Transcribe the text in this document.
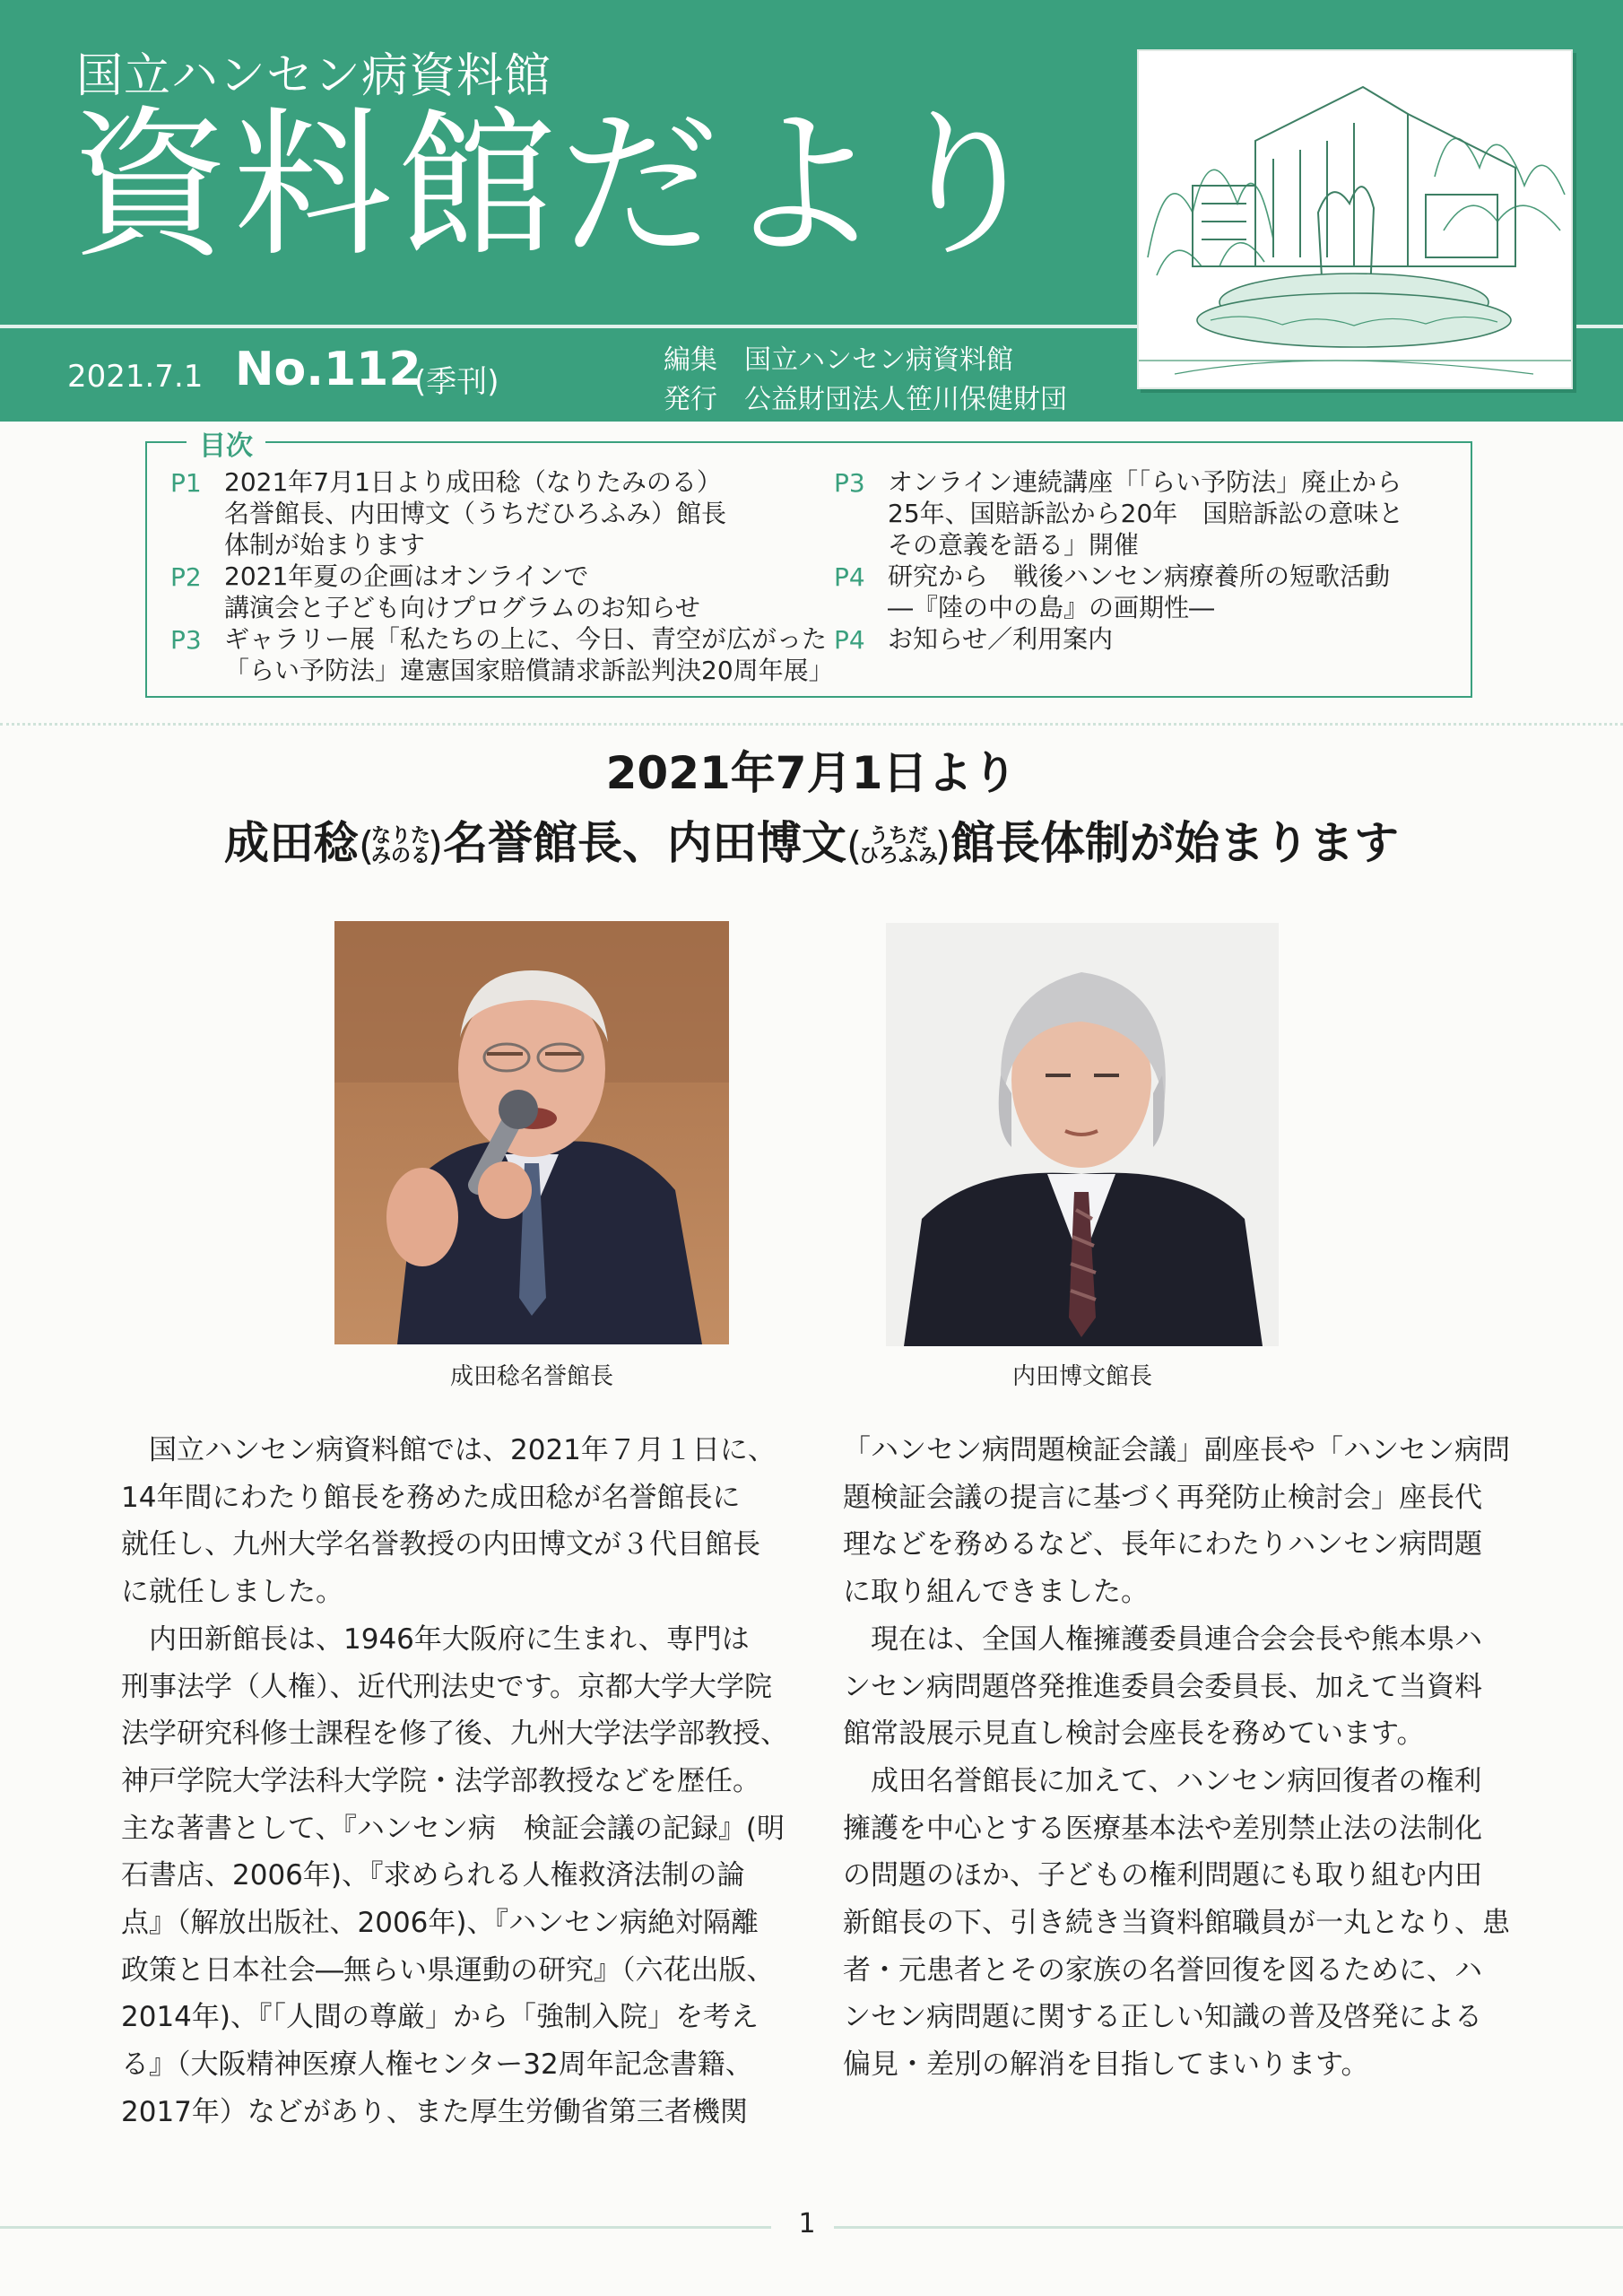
国立ハンセン病資料館
資料館だより
2021.7.1 No.112
(季刊)
編集 国立ハンセン病資料館
発行 公益財団法人笹川保健財団
目次
P1 2021年7月1日より成田稔（なりたみのる）
名誉館長、内田博文（うちだひろふみ）館長
体制が始まります
P2 2021年夏の企画はオンラインで
講演会と子ども向けプログラムのお知らせ
P3 ギャラリー展「私たちの上に、今日、青空が広がった
「らい予防法」違憲国家賠償請求訴訟判決20周年展」
P3 オンライン連続講座「「らい予防法」廃止から
25年、国賠訴訟から20年　国賠訴訟の意味と
その意義を語る」開催
P4 研究から　戦後ハンセン病療養所の短歌活動
―『陸の中の島』の画期性―
P4 お知らせ／利用案内
2021年7月1日より
成田稔 ( なりた
みのる ) 名誉館長、内田博文 ( うちだ
ひろふみ ) 館長体制が始まります
成田稔名誉館長	内田博文館長

　国立ハンセン病資料館では、2021年７月１日に、

14年間にわたり館長を務めた成田稔が名誉館長に

就任し、九州大学名誉教授の内田博文が３代目館長

に就任しました。

　内田新館長は、1946年大阪府に生まれ、専門は

刑事法学（人権）、近代刑法史です。京都大学大学院

法学研究科修士課程を修了後、九州大学法学部教授、

神戸学院大学法科大学院・法学部教授などを歴任。

主な著書として、『ハンセン病　検証会議の記録』(明

石書店、2006年)、『求められる人権救済法制の論

点』（解放出版社、2006年)、『ハンセン病絶対隔離

政策と日本社会―無らい県運動の研究』（六花出版、

2014年)、『「人間の尊厳」から「強制入院」を考え

る』（大阪精神医療人権センター32周年記念書籍、

2017年）などがあり、また厚生労働省第三者機関

「ハンセン病問題検証会議」副座長や「ハンセン病問

題検証会議の提言に基づく再発防止検討会」座長代

理などを務めるなど、長年にわたりハンセン病問題

に取り組んできました。

　現在は、全国人権擁護委員連合会会長や熊本県ハ

ンセン病問題啓発推進委員会委員長、加えて当資料

館常設展示見直し検討会座長を務めています。

　成田名誉館長に加えて、ハンセン病回復者の権利

擁護を中心とする医療基本法や差別禁止法の法制化

の問題のほか、子どもの権利問題にも取り組む内田

新館長の下、引き続き当資料館職員が一丸となり、患

者・元患者とその家族の名誉回復を図るために、ハ

ンセン病問題に関する正しい知識の普及啓発による

偏見・差別の解消を目指してまいります。

1
